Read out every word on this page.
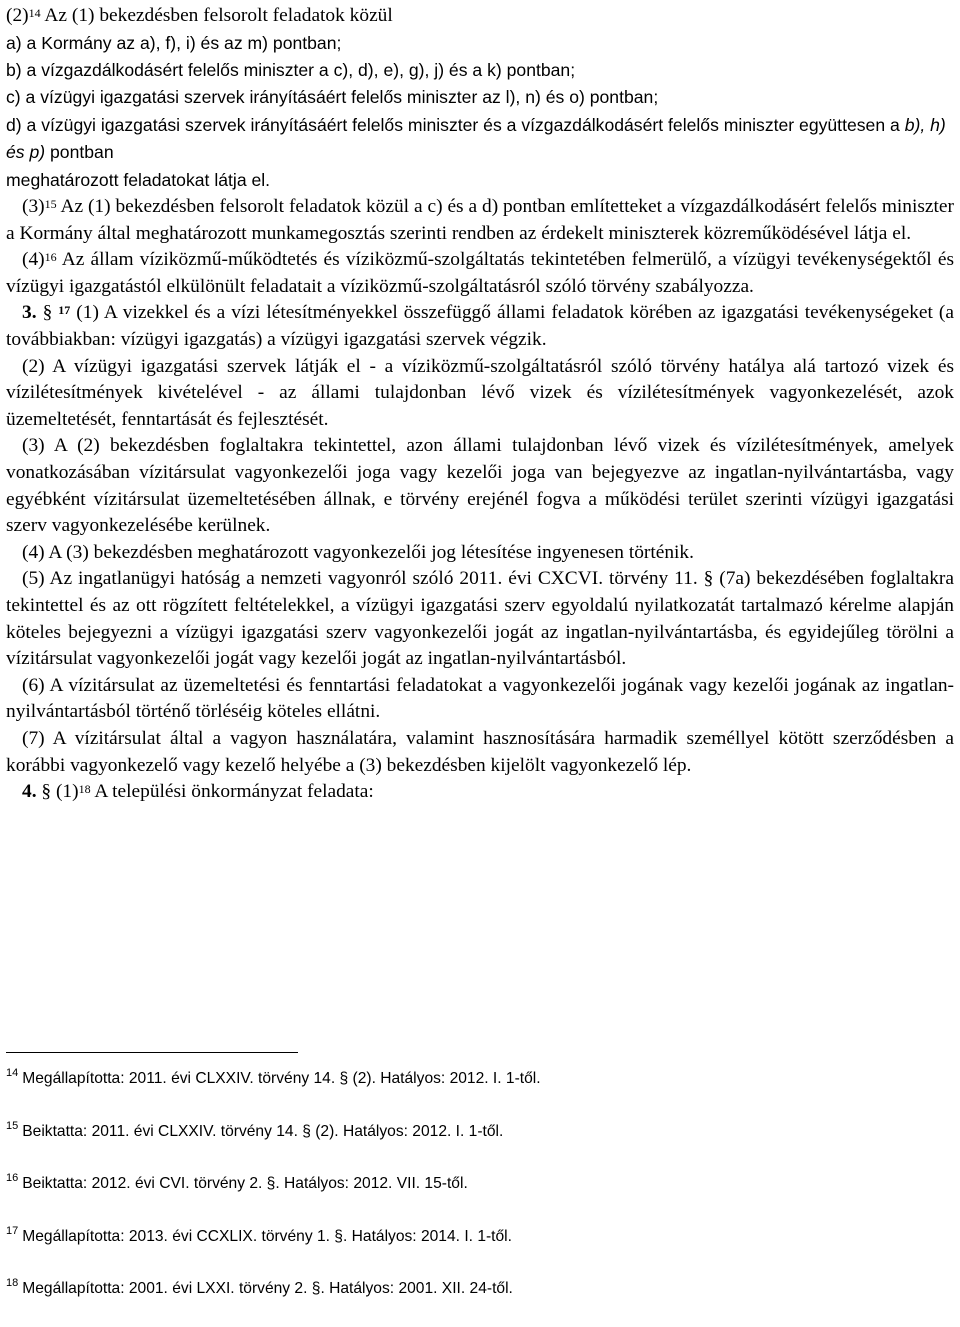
$(2)^{14}$ Az (1) bekezdésben felsorolt feladatok közül

a) a Kormány az a), f), i) és az m) pontban;

b) a vízgazdálkodásért felelős miniszter a c), d), e), g), j) és a k) pontban;

c) a vízügyi igazgatási szervek irányításáért felelős miniszter az l), n) és o) pontban;

d) a vízügyi igazgatási szervek irányításáért felelős miniszter és a vízgazdálkodásért felelős miniszter együttesen a b), h) és p) pontban

meghatározott feladatokat látja el.

$(3)^{15}$ Az (1) bekezdésben felsorolt feladatok közül a c) és a d) pontban említetteket a vízgazdálkodásért felelős miniszter a Kormány által meghatározott munkamegosztás szerinti rendben az érdekelt miniszterek közreműködésével látja el.

$(4)^{16}$ Az állam víziközmű-működtetés és víziközmű-szolgáltatás tekintetében felmerülő, a vízügyi tevékenységektől és vízügyi igazgatástól elkülönült feladatait a víziközmű-szolgáltatásról szóló törvény szabályozza.

3. § $^{17}$ (1) A vizekkel és a vízi létesítményekkel összefüggő állami feladatok körében az igazgatási tevékenységeket (a továbbiakban: vízügyi igazgatás) a vízügyi igazgatási szervek végzik.

(2) A vízügyi igazgatási szervek látják el - a víziközmű-szolgáltatásról szóló törvény hatálya alá tartozó vizek és vízilétesítmények kivételével - az állami tulajdonban lévő vizek és vízilétesítmények vagyonkezelését, azok üzemeltetését, fenntartását és fejlesztését.

(3) A (2) bekezdésben foglaltakra tekintettel, azon állami tulajdonban lévő vizek és vízilétesítmények, amelyek vonatkozásában vízitársulat vagyonkezelői joga vagy kezelői joga van bejegyezve az ingatlan-nyilvántartásba, vagy egyébként vízitársulat üzemeltetésében állnak, e törvény erejénél fogva a működési terület szerinti vízügyi igazgatási szerv vagyonkezelésébe kerülnek.

(4) A (3) bekezdésben meghatározott vagyonkezelői jog létesítése ingyenesen történik.

(5) Az ingatlanügyi hatóság a nemzeti vagyonról szóló 2011. évi CXCVI. törvény 11. § (7a) bekezdésében foglaltakra tekintettel és az ott rögzített feltételekkel, a vízügyi igazgatási szerv egyoldalú nyilatkozatát tartalmazó kérelme alapján köteles bejegyezni a vízügyi igazgatási szerv vagyonkezelői jogát az ingatlan-nyilvántartásba, és egyidejűleg törölni a vízitársulat vagyonkezelői jogát vagy kezelői jogát az ingatlan-nyilvántartásból.

(6) A vízitársulat az üzemeltetési és fenntartási feladatokat a vagyonkezelői jogának vagy kezelői jogának az ingatlan-nyilvántartásból történő törléséig köteles ellátni.

(7) A vízitársulat által a vagyon használatára, valamint hasznosítására harmadik személlyel kötött szerződésben a korábbi vagyonkezelő vagy kezelő helyébe a (3) bekezdésben kijelölt vagyonkezelő lép.

4. § $(1)^{18}$ A települési önkormányzat feladata:

$^{14}$ Megállapította: 2011. évi CLXXIV. törvény 14. § (2). Hatályos: 2012. I. 1-től.
$^{15}$ Beiktatta: 2011. évi CLXXIV. törvény 14. § (2). Hatályos: 2012. I. 1-től.
$^{16}$ Beiktatta: 2012. évi CVI. törvény 2. §. Hatályos: 2012. VII. 15-től.
$^{17}$ Megállapította: 2013. évi CCXLIX. törvény 1. §. Hatályos: 2014. I. 1-től.
$^{18}$ Megállapította: 2001. évi LXXI. törvény 2. §. Hatályos: 2001. XII. 24-től.
